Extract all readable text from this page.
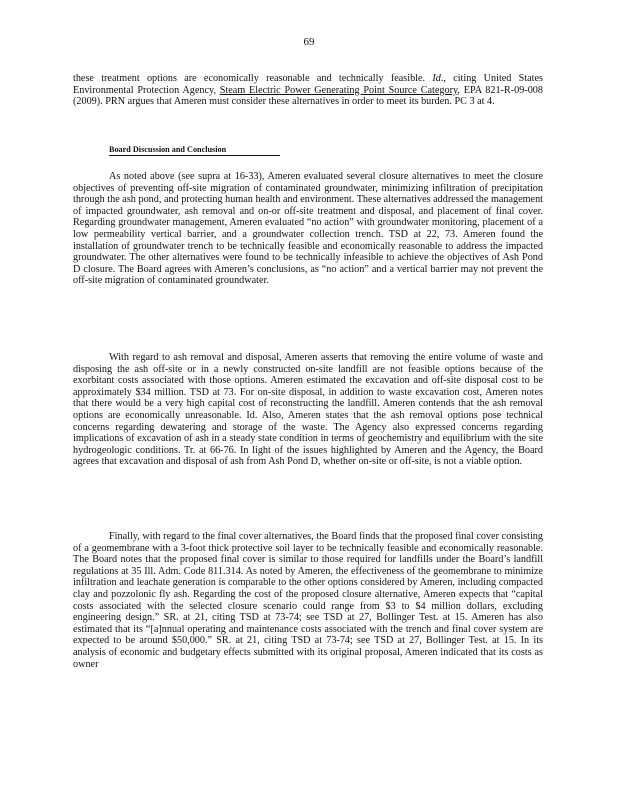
69

these treatment options are economically reasonable and technically feasible. Id., citing United States Environmental Protection Agency, Steam Electric Power Generating Point Source Category, EPA 821-R-09-008 (2009). PRN argues that Ameren must consider these alternatives in order to meet its burden. PC 3 at 4.

Board Discussion and Conclusion

As noted above (see supra at 16-33), Ameren evaluated several closure alternatives to meet the closure objectives of preventing off-site migration of contaminated groundwater, minimizing infiltration of precipitation through the ash pond, and protecting human health and environment. These alternatives addressed the management of impacted groundwater, ash removal and on-or off-site treatment and disposal, and placement of final cover. Regarding groundwater management, Ameren evaluated “no action” with groundwater monitoring, placement of a low permeability vertical barrier, and a groundwater collection trench. TSD at 22, 73. Ameren found the installation of groundwater trench to be technically feasible and economically reasonable to address the impacted groundwater. The other alternatives were found to be technically infeasible to achieve the objectives of Ash Pond D closure. The Board agrees with Ameren’s conclusions, as “no action” and a vertical barrier may not prevent the off-site migration of contaminated groundwater.

With regard to ash removal and disposal, Ameren asserts that removing the entire volume of waste and disposing the ash off-site or in a newly constructed on-site landfill are not feasible options because of the exorbitant costs associated with those options. Ameren estimated the excavation and off-site disposal cost to be approximately $34 million. TSD at 73. For on-site disposal, in addition to waste excavation cost, Ameren notes that there would be a very high capital cost of reconstructing the landfill. Ameren contends that the ash removal options are economically unreasonable. Id. Also, Ameren states that the ash removal options pose technical concerns regarding dewatering and storage of the waste. The Agency also expressed concerns regarding implications of excavation of ash in a steady state condition in terms of geochemistry and equilibrium with the site hydrogeologic conditions. Tr. at 66-76. In light of the issues highlighted by Ameren and the Agency, the Board agrees that excavation and disposal of ash from Ash Pond D, whether on-site or off-site, is not a viable option.

Finally, with regard to the final cover alternatives, the Board finds that the proposed final cover consisting of a geomembrane with a 3-foot thick protective soil layer to be technically feasible and economically reasonable. The Board notes that the proposed final cover is similar to those required for landfills under the Board’s landfill regulations at 35 Ill. Adm. Code 811.314. As noted by Ameren, the effectiveness of the geomembrane to minimize infiltration and leachate generation is comparable to the other options considered by Ameren, including compacted clay and pozzolonic fly ash. Regarding the cost of the proposed closure alternative, Ameren expects that “capital costs associated with the selected closure scenario could range from $3 to $4 million dollars, excluding engineering design.” SR. at 21, citing TSD at 73-74; see TSD at 27, Bollinger Test. at 15. Ameren has also estimated that its “[a]nnual operating and maintenance costs associated with the trench and final cover system are expected to be around $50,000.” SR. at 21, citing TSD at 73-74; see TSD at 27, Bollinger Test. at 15. In its analysis of economic and budgetary effects submitted with its original proposal, Ameren indicated that its costs as owner
